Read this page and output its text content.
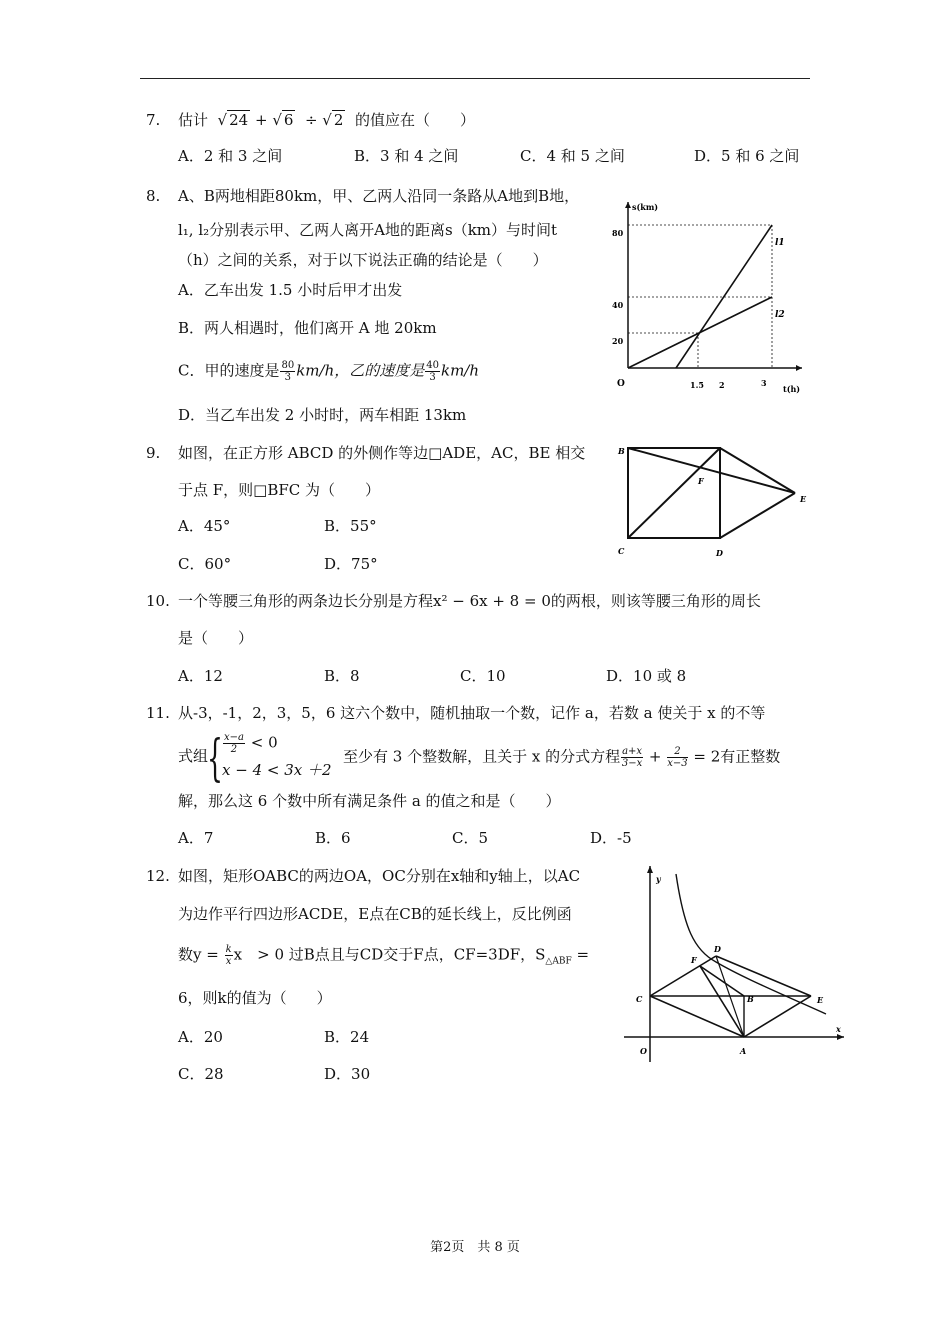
7. 估计  √ 24 + √ 6  ÷ √ 2 的值应在（　　）
A．2 和 3 之间	B．3 和 4 之间	C．4 和 5 之间	D．5 和 6 之间
8. A、B两地相距80km，甲、乙两人沿同一条路从A地到B地，
l₁, l₂分别表示甲、乙两人离开A地的距离s（km）与时间t
（h）之间的关系，对于以下说法正确的结论是（　　）
A．乙车出发 1.5 小时后甲才出发
B．两人相遇时，他们离开 A 地 20km
C．甲的速度是 $\frac{80}{3} km/h$，乙的速度是 $\frac{40}{3} km/h$
D．当乙车出发 2 小时时，两车相距 13km
s(km)
t(h)
O
80
40
20
1.5 2	3
l1
l2
9. 如图，在正方形 ABCD 的外侧作等边□ADE，AC，BE 相交
于点 F，则□BFC 为（　　）
A．45°	B．55°
C．60°	D．75°
B
F
E
C	D
10. 一个等腰三角形的两条边长分别是方程x² − 6x + 8 = 0的两根，则该等腰三角形的周长
是（　　）
A．12	B．8	C．10	D．10 或 8
11. 从-3，-1，2，3，5，6 这六个数中，随机抽取一个数，记作 a，若数 a 使关于 x 的不等
式组
{ $\frac{x-a}{2} < 0$
x − 4 < 3x ＋2
至少有 3 个整数解，且关于 x 的分式方程 $\frac{a+x}{3-x} + \frac{2}{x-3} = 2$有正整数
解，那么这 6 个数中所有满足条件 a 的值之和是（　　）
A．7	B．6	C．5	D．-5
12. 如图，矩形OABC的两边OA，OC分别在x轴和y轴上，以AC
为边作平行四边形ACDE，E点在CB的延长线上，反比例函
数$y = \frac{k}{x}$ x　> 0 过B点且与CD交于F点，CF=3DF，$S_{\triangle ABF}$ =
6，则k的值为（　　）
A．20	B．24
C．28	D．30
y
x
O	A
B
C
D
E
F
第2页　共 8 页
